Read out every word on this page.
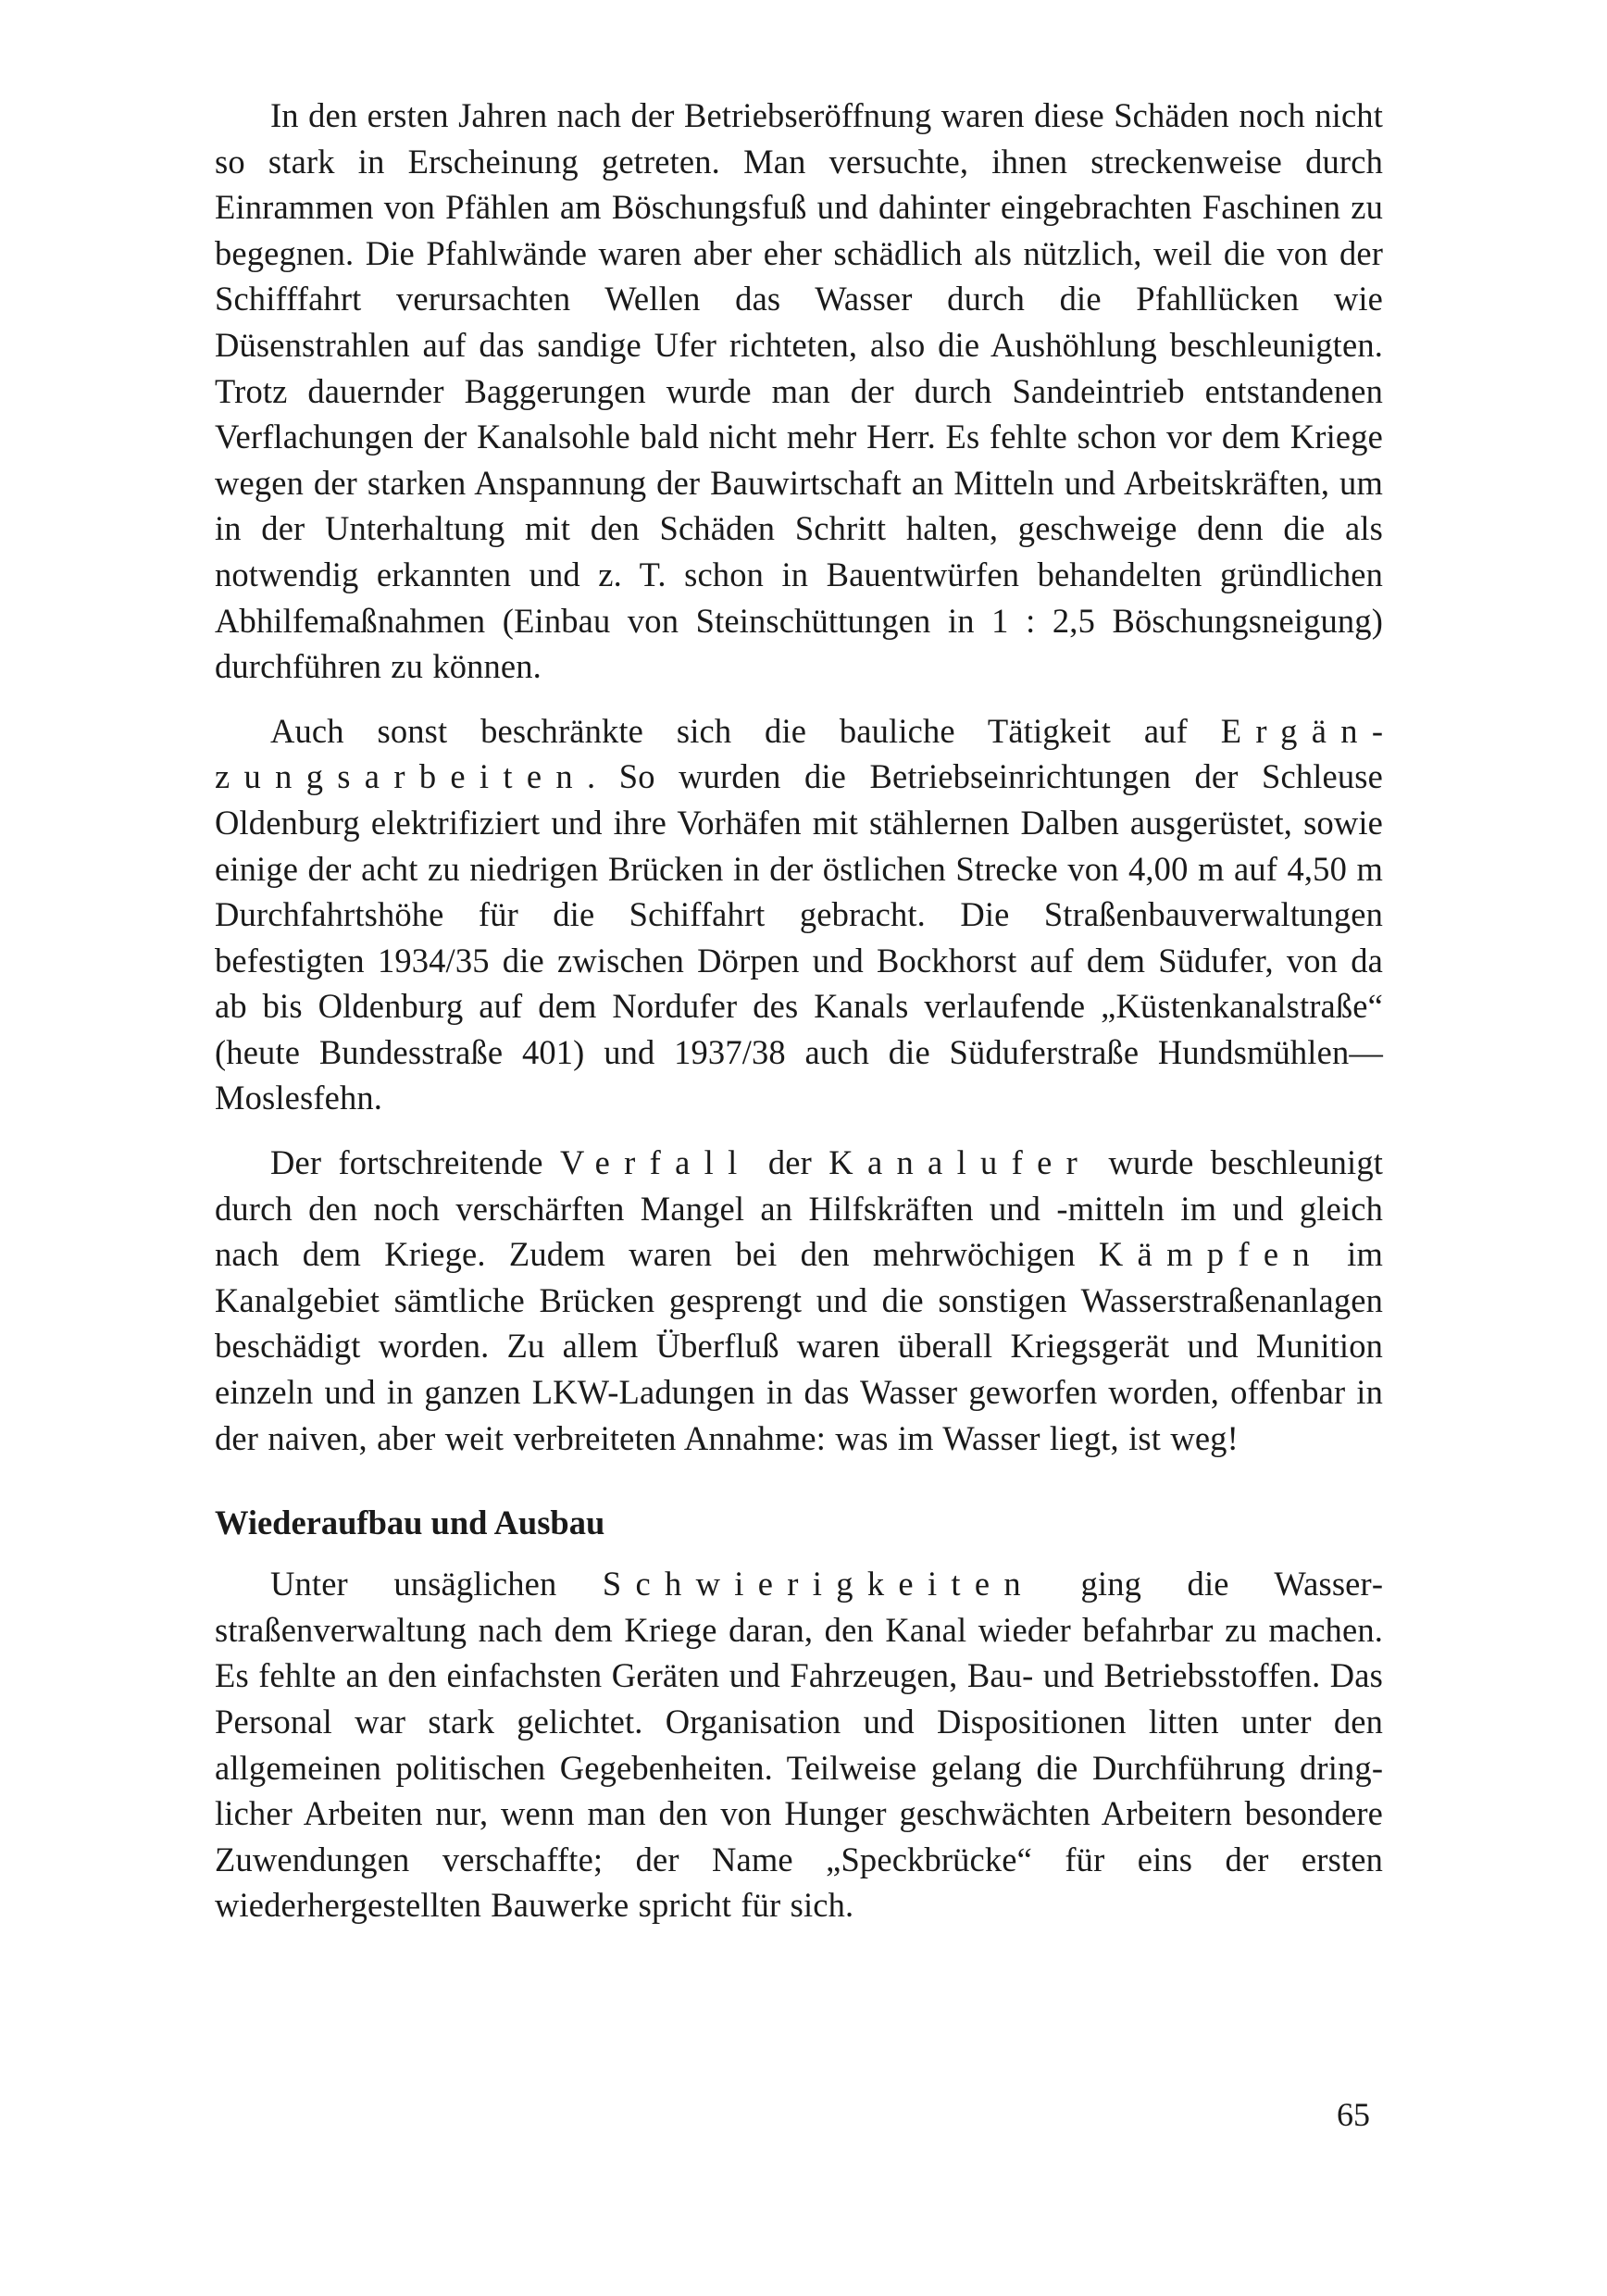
In den ersten Jahren nach der Betriebseröffnung waren diese Schäden noch nicht so stark in Erscheinung getreten. Man versuchte, ihnen streckenweise durch Einrammen von Pfählen am Böschungsfuß und dahinter eingebrachten Faschinen zu begegnen. Die Pfahlwände waren aber eher schädlich als nützlich, weil die von der Schifffahrt verursachten Wellen das Wasser durch die Pfahllücken wie Düsenstrahlen auf das sandige Ufer richteten, also die Aushöhlung beschleunigten. Trotz dauernder Baggerungen wurde man der durch Sandeintrieb entstandenen Verflachungen der Kanalsohle bald nicht mehr Herr. Es fehlte schon vor dem Kriege wegen der starken Anspannung der Bauwirtschaft an Mitteln und Arbeitskräften, um in der Unterhaltung mit den Schäden Schritt halten, geschweige denn die als notwendig erkannten und z. T. schon in Bauentwürfen behandelten gründlichen Abhilfemaßnahmen (Einbau von Steinschüttungen in 1 : 2,5 Böschungsneigung) durchführen zu können.

Auch sonst beschränkte sich die bauliche Tätigkeit auf Ergänzungsarbeiten. So wurden die Betriebseinrichtungen der Schleuse Oldenburg elektrifiziert und ihre Vorhäfen mit stählernen Dalben ausgerüstet, sowie einige der acht zu niedrigen Brücken in der östlichen Strecke von 4,00 m auf 4,50 m Durchfahrtshöhe für die Schiffahrt gebracht. Die Straßenbauverwaltungen befestigten 1934/35 die zwischen Dörpen und Bockhorst auf dem Südufer, von da ab bis Oldenburg auf dem Nordufer des Kanals verlaufende „Küstenkanalstraße“ (heute Bundesstraße 401) und 1937/38 auch die Süduferstraße Hundsmühlen—Moslesfehn.

Der fortschreitende Verfall der Kanalufer wurde beschleunigt durch den noch verschärften Mangel an Hilfskräften und -mitteln im und gleich nach dem Kriege. Zudem waren bei den mehrwöchigen Kämpfen im Kanalgebiet sämtliche Brücken gesprengt und die sonstigen Wasserstraßenanlagen beschädigt worden. Zu allem Überfluß waren überall Kriegsgerät und Munition einzeln und in ganzen LKW-Ladungen in das Wasser geworfen worden, offenbar in der naiven, aber weit verbreiteten Annahme: was im Wasser liegt, ist weg!

Wiederaufbau und Ausbau

Unter unsäglichen Schwierigkeiten ging die Wasserstraßenverwaltung nach dem Kriege daran, den Kanal wieder befahrbar zu machen. Es fehlte an den einfachsten Geräten und Fahrzeugen, Bau- und Betriebsstoffen. Das Personal war stark gelichtet. Organisation und Dispositionen litten unter den allgemeinen politischen Gegebenheiten. Teilweise gelang die Durchführung dringlicher Arbeiten nur, wenn man den von Hunger geschwächten Arbeitern besondere Zuwendungen verschaffte; der Name „Speckbrücke“ für eins der ersten wiederhergestellten Bauwerke spricht für sich.

65
